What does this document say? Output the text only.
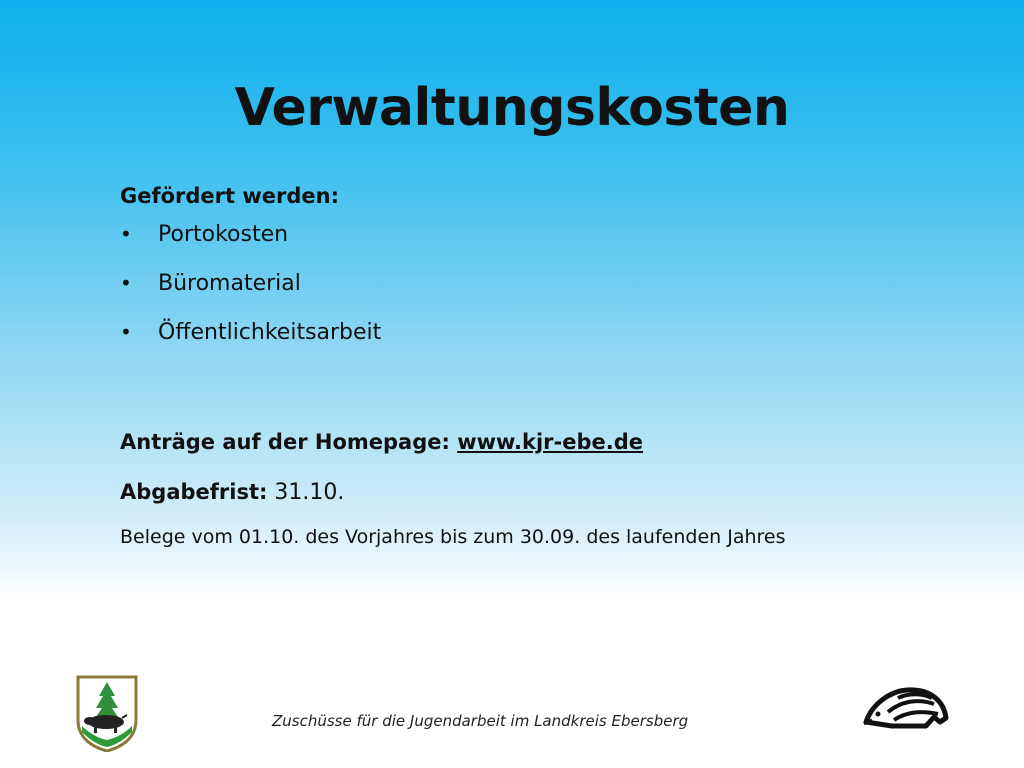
Verwaltungskosten
Gefördert werden:
• Portokosten
• Büromaterial
• Öffentlichkeitsarbeit
Anträge auf der Homepage: www.kjr-ebe.de
Abgabefrist: 31.10.
Belege vom 01.10. des Vorjahres bis zum 30.09. des laufenden Jahres
Zuschüsse für die Jugendarbeit im Landkreis Ebersberg
